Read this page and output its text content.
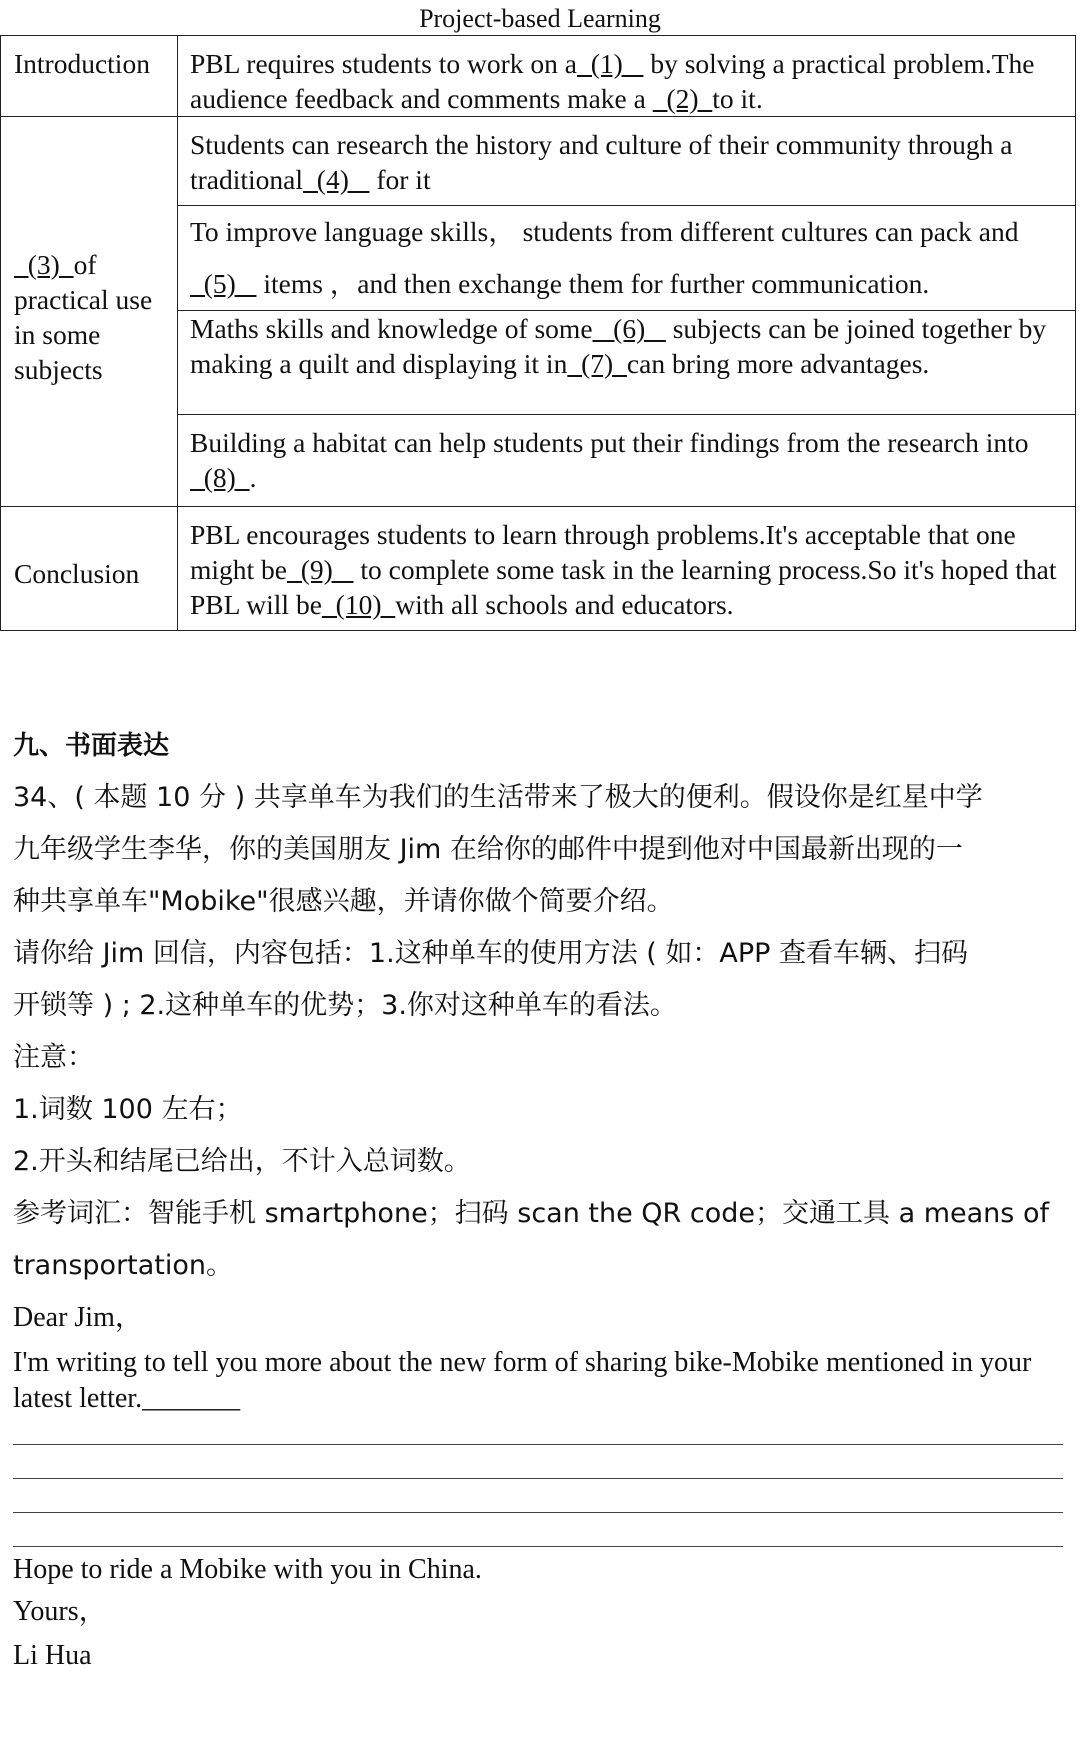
Project-based Learning
Introduction	PBL requires students to work on a  (1)    by solving a practical problem.The audience feedback and comments make a   (2)  to it.
(3)  of practical use in some subjects	Students can research the history and culture of their community through a traditional  (4)    for it
	To improve language skills， students from different cultures can pack and  (5)    items ，and then exchange them for further communication.
	Maths skills and knowledge of some   (6)    subjects can be joined together by making a quilt and displaying it in  (7)  can bring more advantages.
	Building a habitat can help students put their findings from the research into   (8)  .
Conclusion	PBL encourages students to learn through problems.It's acceptable that one might be  (9)    to complete some task in the learning process.So it's hoped that PBL will be  (10)  with all schools and educators.
九、书面表达
34、( 本题 10 分 ) 共享单车为我们的生活带来了极大的便利。假设你是红星中学
九年级学生李华，你的美国朋友 Jim 在给你的邮件中提到他对中国最新出现的一
种共享单车"Mobike"很感兴趣，并请你做个简要介绍。
请你给 Jim 回信，内容包括：1.这种单车的使用方法 ( 如：APP 查看车辆、扫码
开锁等 ) ; 2.这种单车的优势；3.你对这种单车的看法。
注意：
1.词数 100 左右；
2.开头和结尾已给出，不计入总词数。
参考词汇：智能手机 smartphone；扫码 scan the QR code；交通工具 a means of
transportation。
Dear Jim，
I'm writing to tell you more about the new form of sharing bike-Mobike mentioned in your latest letter._______
Hope to ride a Mobike with you in China.
Yours，
Li Hua
